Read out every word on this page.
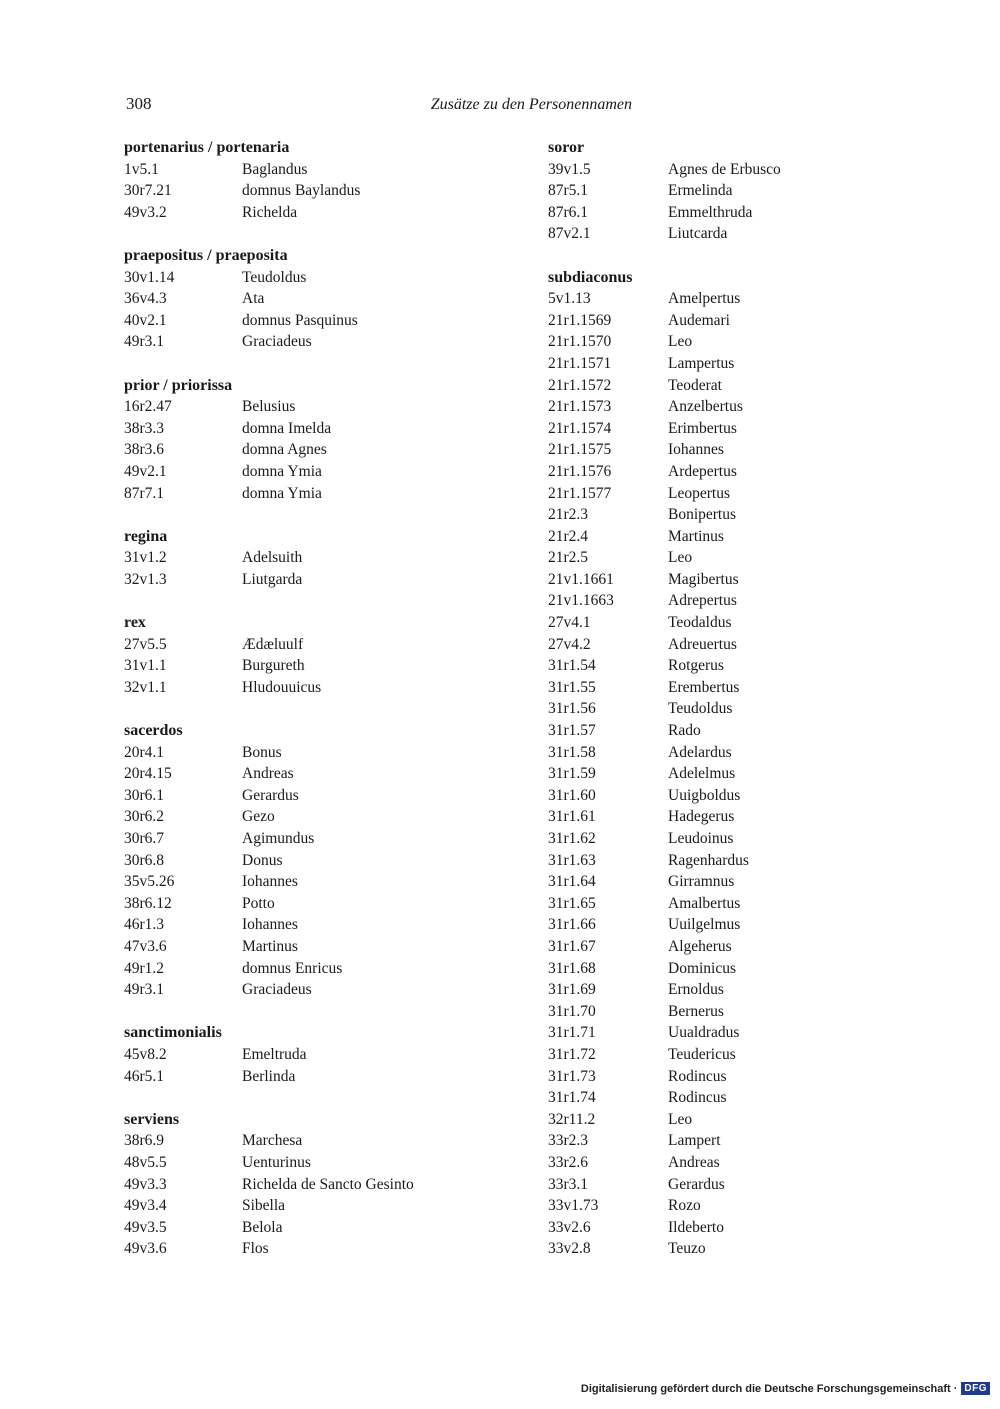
308	Zusätze zu den Personennamen
portenarius / portenaria
1v5.1	Baglandus
30r7.21	domnus Baylandus
49v3.2	Richelda
praepositus / praeposita
30v1.14	Teudoldus
36v4.3	Ata
40v2.1	domnus Pasquinus
49r3.1	Graciadeus
prior / priorissa
16r2.47	Belusius
38r3.3	domna Imelda
38r3.6	domna Agnes
49v2.1	domna Ymia
87r7.1	domna Ymia
regina
31v1.2	Adelsuith
32v1.3	Liutgarda
rex
27v5.5	Ædæluulf
31v1.1	Burgureth
32v1.1	Hludouuicus
sacerdos
20r4.1	Bonus
20r4.15	Andreas
30r6.1	Gerardus
30r6.2	Gezo
30r6.7	Agimundus
30r6.8	Donus
35v5.26	Iohannes
38r6.12	Potto
46r1.3	Iohannes
47v3.6	Martinus
49r1.2	domnus Enricus
49r3.1	Graciadeus
sanctimonialis
45v8.2	Emeltruda
46r5.1	Berlinda
serviens
38r6.9	Marchesa
48v5.5	Uenturinus
49v3.3	Richelda de Sancto Gesinto
49v3.4	Sibella
49v3.5	Belola
49v3.6	Flos
soror
39v1.5	Agnes de Erbusco
87r5.1	Ermelinda
87r6.1	Emmelthruda
87v2.1	Liutcarda
subdiaconus
5v1.13	Amelpertus
21r1.1569	Audemari
21r1.1570	Leo
21r1.1571	Lampertus
21r1.1572	Teoderat
21r1.1573	Anzelbertus
21r1.1574	Erimbertus
21r1.1575	Iohannes
21r1.1576	Ardepertus
21r1.1577	Leopertus
21r2.3	Bonipertus
21r2.4	Martinus
21r2.5	Leo
21v1.1661	Magibertus
21v1.1663	Adrepertus
27v4.1	Teodaldus
27v4.2	Adreuertus
31r1.54	Rotgerus
31r1.55	Erembertus
31r1.56	Teudoldus
31r1.57	Rado
31r1.58	Adelardus
31r1.59	Adelelmus
31r1.60	Uuigboldus
31r1.61	Hadegerus
31r1.62	Leudoinus
31r1.63	Ragenhardus
31r1.64	Girramnus
31r1.65	Amalbertus
31r1.66	Uuilgelmus
31r1.67	Algeherus
31r1.68	Dominicus
31r1.69	Ernoldus
31r1.70	Bernerus
31r1.71	Uualdradus
31r1.72	Teudericus
31r1.73	Rodincus
31r1.74	Rodincus
32r11.2	Leo
33r2.3	Lampert
33r2.6	Andreas
33r3.1	Gerardus
33v1.73	Rozo
33v2.6	Ildeberto
33v2.8	Teuzo
Digitalisierung gefördert durch die Deutsche Forschungsgemeinschaft · DFG
